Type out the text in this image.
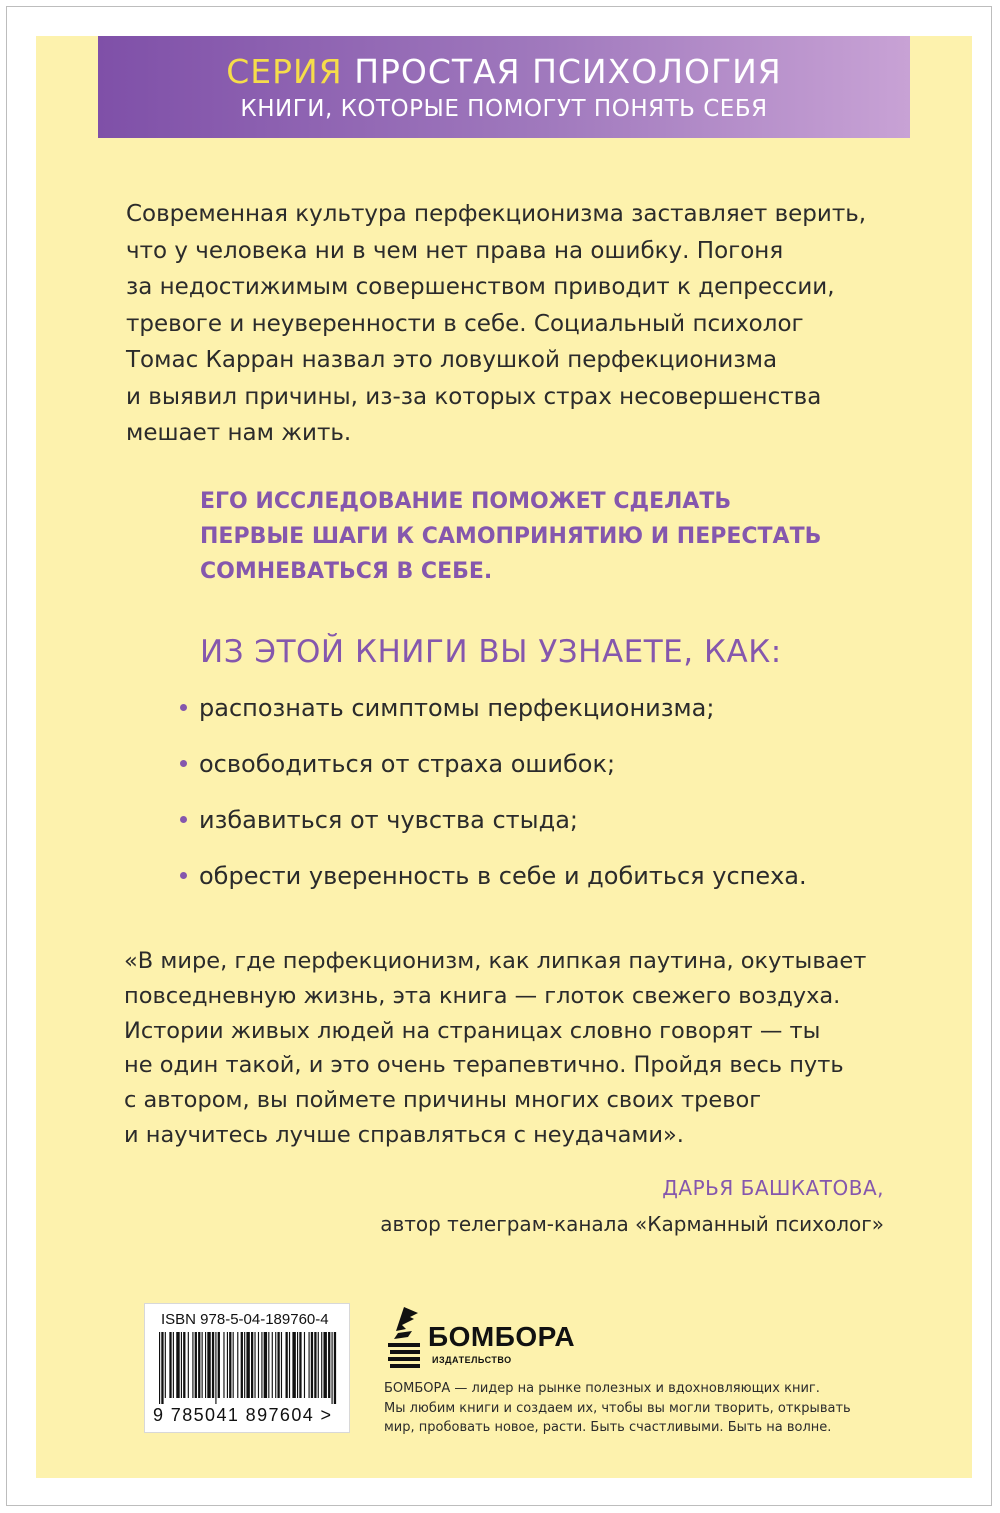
СЕРИЯ ПРОСТАЯ ПСИХОЛОГИЯ
КНИГИ, КОТОРЫЕ ПОМОГУТ ПОНЯТЬ СЕБЯ
Современная культура перфекционизма заставляет верить,
что у человека ни в чем нет права на ошибку. Погоня
за недостижимым совершенством приводит к депрессии,
тревоге и неуверенности в себе. Социальный психолог
Томас Карран назвал это ловушкой перфекционизма
и выявил причины, из-за которых страх несовершенства
мешает нам жить.
ЕГО ИССЛЕДОВАНИЕ ПОМОЖЕТ СДЕЛАТЬ
ПЕРВЫЕ ШАГИ К САМОПРИНЯТИЮ И ПЕРЕСТАТЬ
СОМНЕВАТЬСЯ В СЕБЕ.
ИЗ ЭТОЙ КНИГИ ВЫ УЗНАЕТЕ, КАК:
распознать симптомы перфекционизма;
освободиться от страха ошибок;
избавиться от чувства стыда;
обрести уверенность в себе и добиться успеха.
«В мире, где перфекционизм, как липкая паутина, окутывает
повседневную жизнь, эта книга — глоток свежего воздуха.
Истории живых людей на страницах словно говорят — ты
не один такой, и это очень терапевтично. Пройдя весь путь
с автором, вы поймете причины многих своих тревог
и научитесь лучше справляться с неудачами».
ДАРЬЯ БАШКАТОВА,
автор телеграм-канала «Карманный психолог»
ISBN 978-5-04-189760-4
9 785041 897604 >
БОМБОРА
ИЗДАТЕЛЬСТВО
БОМБОРА — лидер на рынке полезных и вдохновляющих книг.
Мы любим книги и создаем их, чтобы вы могли творить, открывать
мир, пробовать новое, расти. Быть счастливыми. Быть на волне.
